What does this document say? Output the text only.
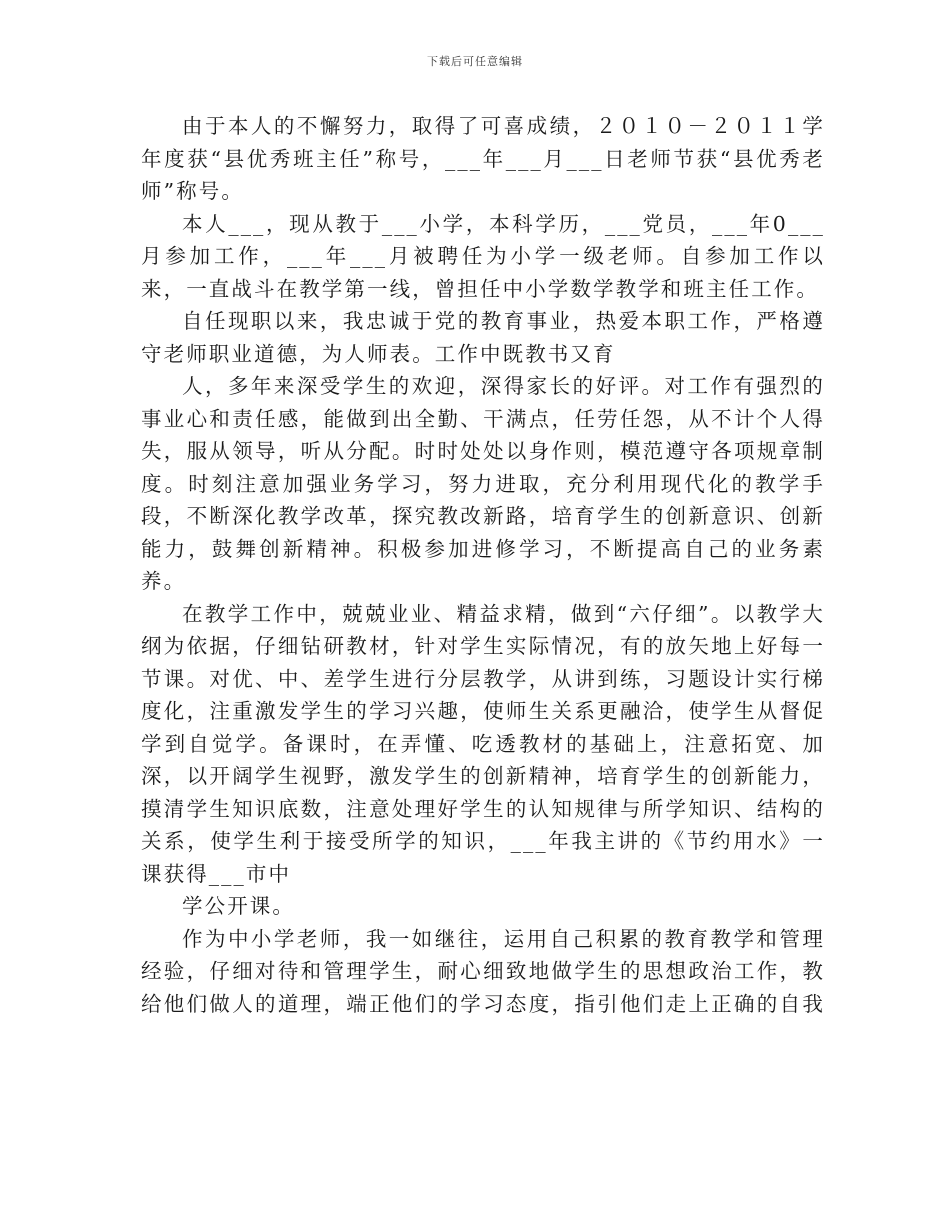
下载后可任意编辑

由于本人的不懈努力，取得了可喜成绩，２０１０－２０１１学年度获“县优秀班主任”称号，___年___月___日老师节获“县优秀老师”称号。

本人___，现从教于___小学，本科学历，___党员，___年0___月参加工作，___年___月被聘任为小学一级老师。自参加工作以来，一直战斗在教学第一线，曾担任中小学数学教学和班主任工作。

自任现职以来，我忠诚于党的教育事业，热爱本职工作，严格遵守老师职业道德，为人师表。工作中既教书又育

人，多年来深受学生的欢迎，深得家长的好评。对工作有强烈的事业心和责任感，能做到出全勤、干满点，任劳任怨，从不计个人得失，服从领导，听从分配。时时处处以身作则，模范遵守各项规章制度。时刻注意加强业务学习，努力进取，充分利用现代化的教学手段，不断深化教学改革，探究教改新路，培育学生的创新意识、创新能力，鼓舞创新精神。积极参加进修学习，不断提高自己的业务素养。

在教学工作中，兢兢业业、精益求精，做到“六仔细”。以教学大纲为依据，仔细钻研教材，针对学生实际情况，有的放矢地上好每一节课。对优、中、差学生进行分层教学，从讲到练，习题设计实行梯度化，注重激发学生的学习兴趣，使师生关系更融洽，使学生从督促学到自觉学。备课时，在弄懂、吃透教材的基础上，注意拓宽、加深，以开阔学生视野，激发学生的创新精神，培育学生的创新能力，摸清学生知识底数，注意处理好学生的认知规律与所学知识、结构的关系，使学生利于接受所学的知识，___年我主讲的《节约用水》一课获得___市中

学公开课。

作为中小学老师，我一如继往，运用自己积累的教育教学和管理经验，仔细对待和管理学生，耐心细致地做学生的思想政治工作，教给他们做人的道理，端正他们的学习态度，指引他们走上正确的自我
